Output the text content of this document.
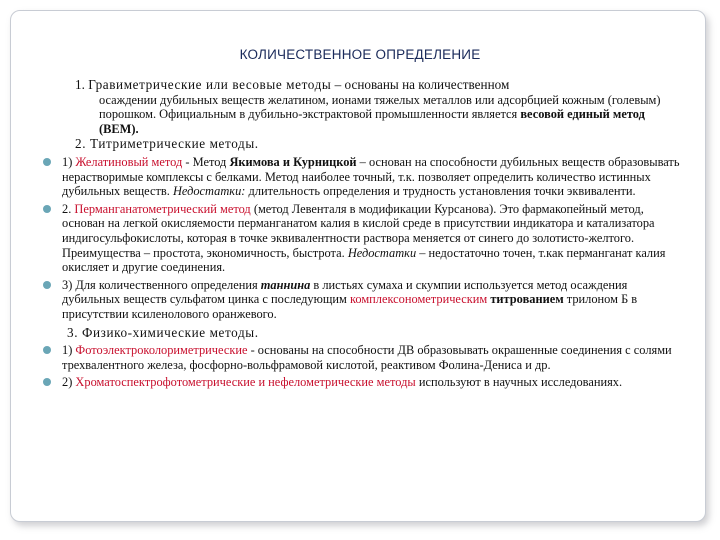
КОЛИЧЕСТВЕННОЕ ОПРЕДЕЛЕНИЕ
1. Гравиметрические или весовые методы – основаны на количественном
осаждении дубильных веществ желатином, ионами тяжелых металлов или адсорбцией кожным (голевым) порошком. Официальным в дубильно-экстрактовой промышленности является весовой единый метод (ВЕМ).
2. Титриметрические методы.
1) Желатиновый метод - Метод Якимова и Курницкой – основан на способности дубильных веществ образовывать нерастворимые комплексы с белками. Метод наиболее точный, т.к. позволяет определить количество истинных дубильных веществ. Недостатки: длительность определения и трудность установления точки эквиваленти.
2. Перманганатометрический метод (метод Левенталя в модификации Курсанова). Это фармакопейный метод, основан на легкой окисляемости перманганатом калия в кислой среде в присутствии индикатора и катализатора индигосульфокислоты, которая в точке эквивалентности раствора меняется от синего до золотисто-желтого. Преимущества – простота, экономичность, быстрота. Недостатки – недостаточно точен, т.как перманганат калия окисляет и другие соединения.
3) Для количественного определения таннина в листьях сумаха и скумпии используется метод осаждения дубильных веществ сульфатом цинка с последующим комплексонометрическим титрованием трилоном Б в присутствии ксиленолового оранжевого.
3. Физико-химические методы.
1) Фотоэлектроколориметрические - основаны на способности ДВ образовывать окрашенные соединения с солями трехвалентного железа, фосфорно-вольфрамовой кислотой, реактивом Фолина-Дениса и др.
2) Хроматоспектрофотометрические и нефелометрические методы используют в научных исследованиях.
